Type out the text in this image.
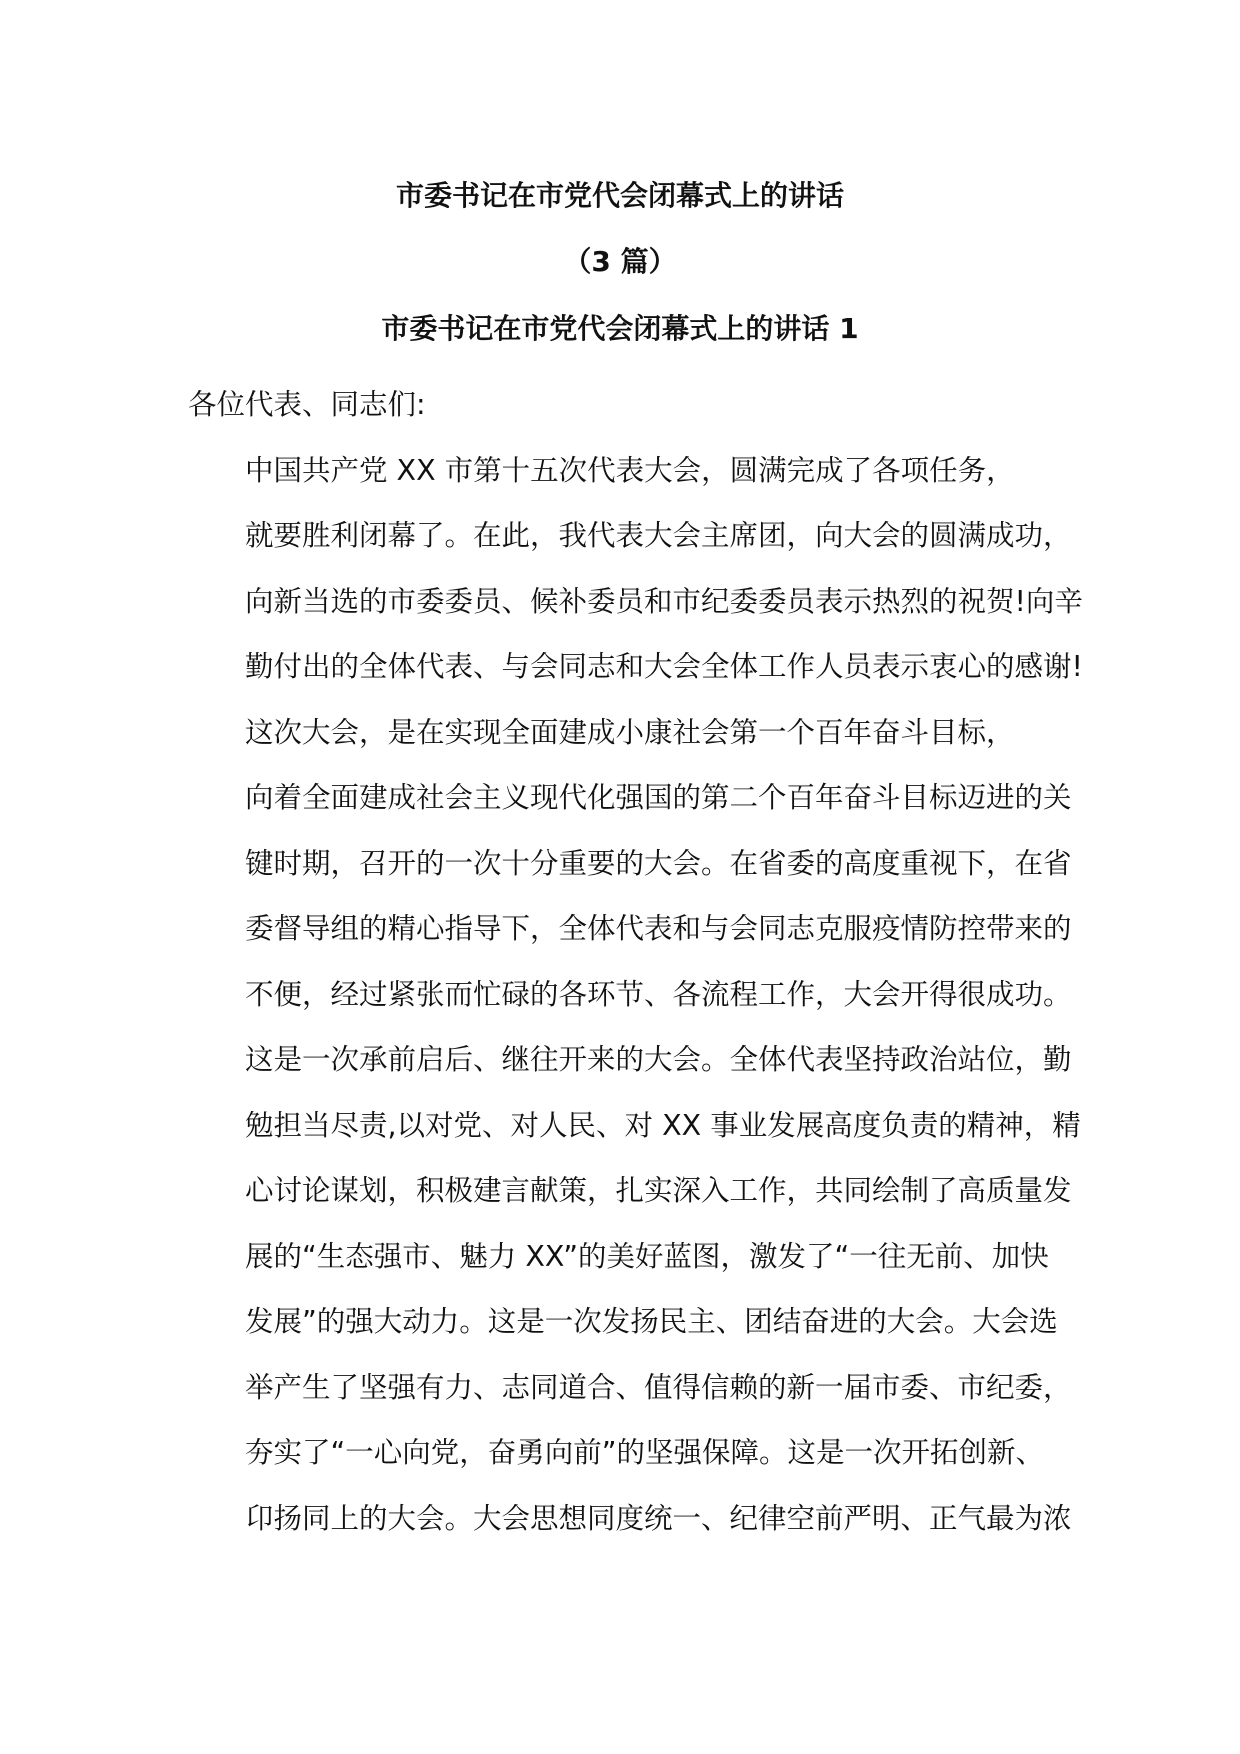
市委书记在市党代会闭幕式上的讲话
（3 篇）
市委书记在市党代会闭幕式上的讲话 1

各位代表、同志们:

中国共产党 XX 市第十五次代表大会，圆满完成了各项任务，
就要胜利闭幕了。在此，我代表大会主席团，向大会的圆满成功，
向新当选的市委委员、候补委员和市纪委委员表示热烈的祝贺!向辛
勤付出的全体代表、与会同志和大会全体工作人员表示衷心的感谢!

这次大会，是在实现全面建成小康社会第一个百年奋斗目标，
向着全面建成社会主义现代化强国的第二个百年奋斗目标迈进的关
键时期，召开的一次十分重要的大会。在省委的高度重视下，在省
委督导组的精心指导下，全体代表和与会同志克服疫情防控带来的
不便，经过紧张而忙碌的各环节、各流程工作，大会开得很成功。
这是一次承前启后、继往开来的大会。全体代表坚持政治站位，勤
勉担当尽责,以对党、对人民、对 XX 事业发展高度负责的精神，精
心讨论谋划，积极建言献策，扎实深入工作，共同绘制了高质量发
展的“生态强市、魅力 XX”的美好蓝图，激发了“一往无前、加快
发展”的强大动力。这是一次发扬民主、团结奋进的大会。大会选
举产生了坚强有力、志同道合、值得信赖的新一届市委、市纪委，
夯实了“一心向党，奋勇向前”的坚强保障。这是一次开拓创新、
卬扬同上的大会。大会思想同度统一、纪律空前严明、正气最为浓
